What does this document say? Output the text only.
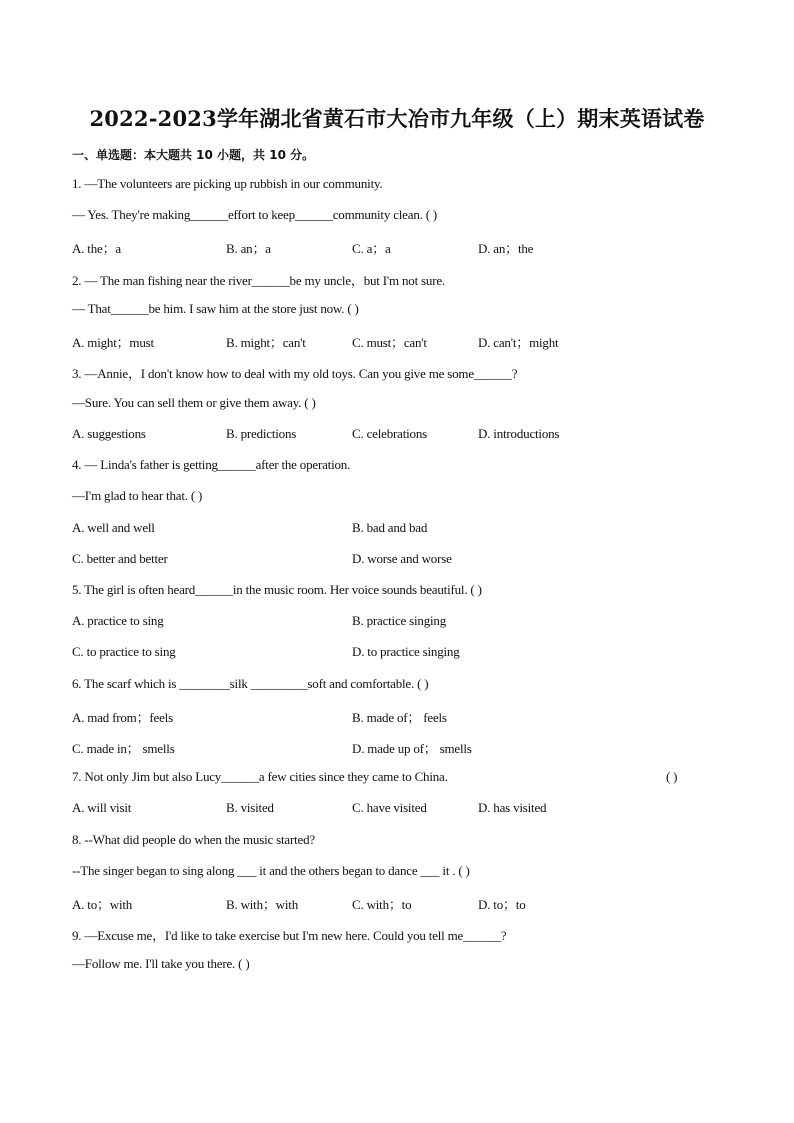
2022-2023学年湖北省黄石市大冶市九年级（上）期末英语试卷
一、单选题：本大题共 10 小题，共 10 分。
1. —The volunteers are picking up rubbish in our community.
— Yes. They're making______effort to keep______community clean. ( )
A. the；a	B. an；a	C. a；a	D. an；the
2. — The man fishing near the river______be my uncle，but I'm not sure.
— That______be him. I saw him at the store just now. ( )
A. might；must	B. might；can't	C. must；can't	D. can't；might
3. —Annie，I don't know how to deal with my old toys. Can you give me some______?
—Sure. You can sell them or give them away. ( )
A. suggestions	B. predictions	C. celebrations	D. introductions
4. — Linda's father is getting______after the operation.
—I'm glad to hear that. ( )
A. well and well	B. bad and bad
C. better and better	D. worse and worse
5. The girl is often heard______in the music room. Her voice sounds beautiful. ( )
A. practice to sing	B. practice singing
C. to practice to sing	D. to practice singing
6. The scarf which is ________silk _________soft and comfortable. ( )
A. mad from；feels	B. made of； feels
C. made in； smells	D. made up of； smells
7. Not only Jim but also Lucy______a few cities since they came to China.	( )
A. will visit	B. visited	C. have visited	D. has visited
8. --What did people do when the music started?
--The singer began to sing along ___ it and the others began to dance ___ it . ( )
A. to；with	B. with；with	C. with；to	D. to；to
9. —Excuse me，I'd like to take exercise but I'm new here. Could you tell me______?
—Follow me. I'll take you there. ( )
